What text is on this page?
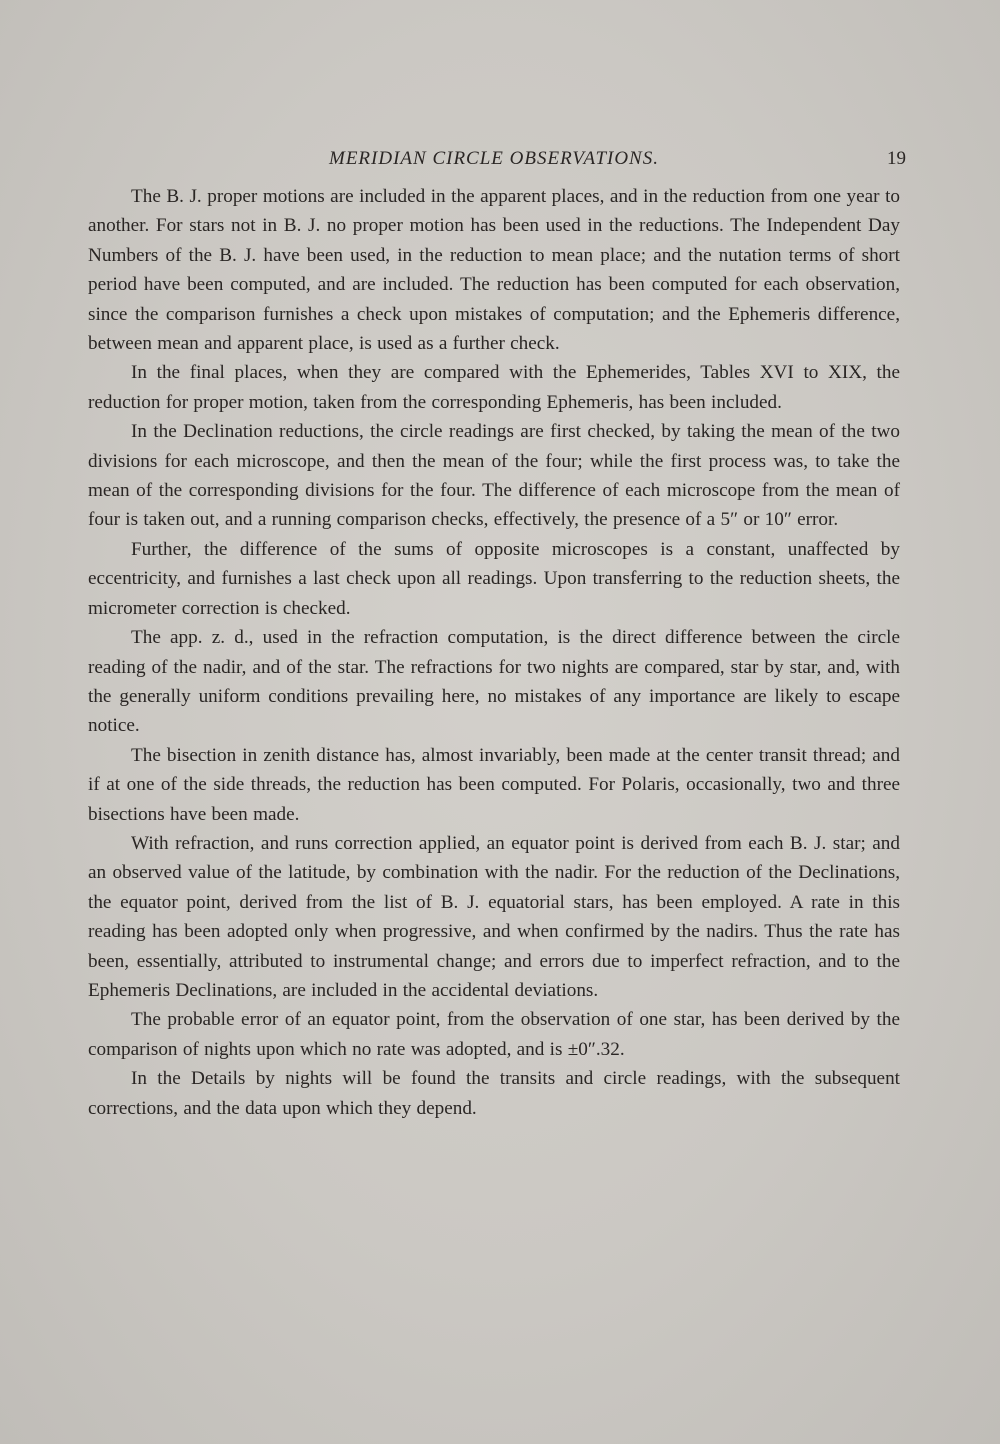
MERIDIAN CIRCLE OBSERVATIONS.	19

The B. J. proper motions are included in the apparent places, and in the reduction from one year to another. For stars not in B. J. no proper motion has been used in the reductions. The Independent Day Numbers of the B. J. have been used, in the reduction to mean place; and the nutation terms of short period have been computed, and are included. The reduction has been computed for each observation, since the comparison furnishes a check upon mistakes of computation; and the Ephemeris difference, between mean and apparent place, is used as a further check.

In the final places, when they are compared with the Ephemerides, Tables XVI to XIX, the reduction for proper motion, taken from the corresponding Ephemeris, has been included.

In the Declination reductions, the circle readings are first checked, by taking the mean of the two divisions for each microscope, and then the mean of the four; while the first process was, to take the mean of the corresponding divisions for the four. The difference of each microscope from the mean of four is taken out, and a running comparison checks, effectively, the presence of a 5″ or 10″ error.

Further, the difference of the sums of opposite microscopes is a constant, unaffected by eccentricity, and furnishes a last check upon all readings. Upon transferring to the reduction sheets, the micrometer correction is checked.

The app. z. d., used in the refraction computation, is the direct difference between the circle reading of the nadir, and of the star. The refractions for two nights are compared, star by star, and, with the generally uniform conditions prevailing here, no mistakes of any importance are likely to escape notice.

The bisection in zenith distance has, almost invariably, been made at the center transit thread; and if at one of the side threads, the reduction has been computed. For Polaris, occasionally, two and three bisections have been made.

With refraction, and runs correction applied, an equator point is derived from each B. J. star; and an observed value of the latitude, by combination with the nadir. For the reduction of the Declinations, the equator point, derived from the list of B. J. equatorial stars, has been employed. A rate in this reading has been adopted only when progressive, and when confirmed by the nadirs. Thus the rate has been, essentially, attributed to instrumental change; and errors due to imperfect refraction, and to the Ephemeris Declinations, are included in the accidental deviations.

The probable error of an equator point, from the observation of one star, has been derived by the comparison of nights upon which no rate was adopted, and is ±0″.32.

In the Details by nights will be found the transits and circle readings, with the subsequent corrections, and the data upon which they depend.
